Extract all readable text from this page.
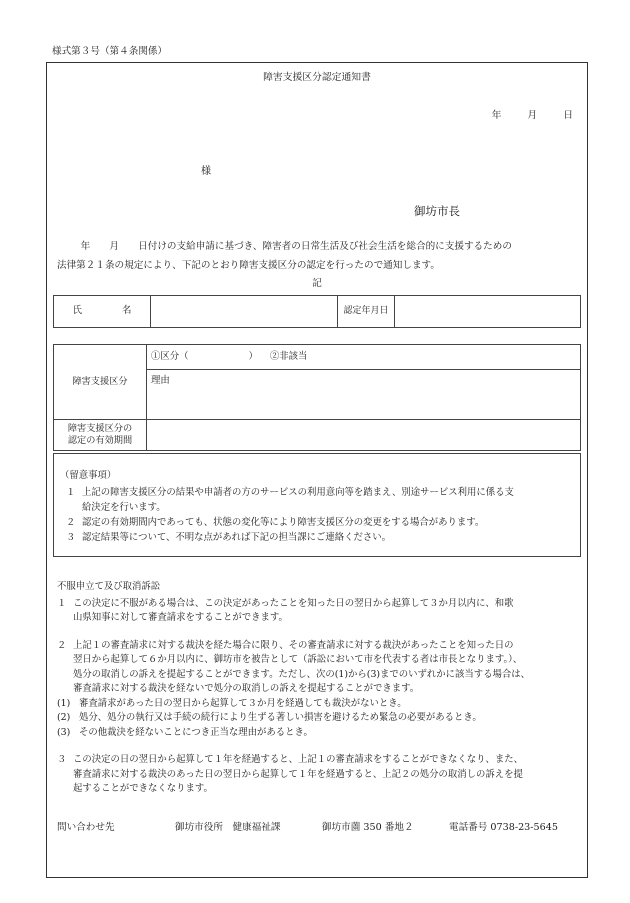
様式第３号（第４条関係）
障害支援区分認定通知書
年	月	日
様
御坊市長

　年　　月　　日付けの支給申請に基づき、障害者の日常生活及び社会生活を総合的に支援するための

法律第２１条の規定により、下記のとおり障害支援区分の認定を行ったので通知します。

記
氏	名		認定年月日	
障害支援区分	①区分（ ） ②非該当
	理由

障害支援区分の
認定の有効期間	

（留意事項）
１ 上記の障害支援区分の結果や申請者の方のサービスの利用意向等を踏まえ、別途サービス利用に係る支
給決定を行います。
２ 認定の有効期間内であっても、状態の変化等により障害支援区分の変更をする場合があります。
３ 認定結果等について、不明な点があれば下記の担当課にご連絡ください。

不服申立て及び取消訴訟

１ この決定に不服がある場合は、この決定があったことを知った日の翌日から起算して３か月以内に、和歌
山県知事に対して審査請求をすることができます。

２ 上記１の審査請求に対する裁決を経た場合に限り、その審査請求に対する裁決があったことを知った日の
翌日から起算して６か月以内に、御坊市を被告として（訴訟において市を代表する者は市長となります。）、
処分の取消しの訴えを提起することができます。ただし、次の(1)から(3)までのいずれかに該当する場合は、
審査請求に対する裁決を経ないで処分の取消しの訴えを提起することができます。

(1) 審査請求があった日の翌日から起算して３か月を経過しても裁決がないとき。

(2) 処分、処分の執行又は手続の続行により生ずる著しい損害を避けるため緊急の必要があるとき。

(3) その他裁決を経ないことにつき正当な理由があるとき。

３ この決定の日の翌日から起算して１年を経過すると、上記１の審査請求をすることができなくなり、また、
審査請求に対する裁決のあった日の翌日から起算して１年を経過すると、上記２の処分の取消しの訴えを提
起することができなくなります。

問い合わせ先	御坊市役所　健康福祉課	御坊市薗 350 番地２	電話番号 0738-23-5645
